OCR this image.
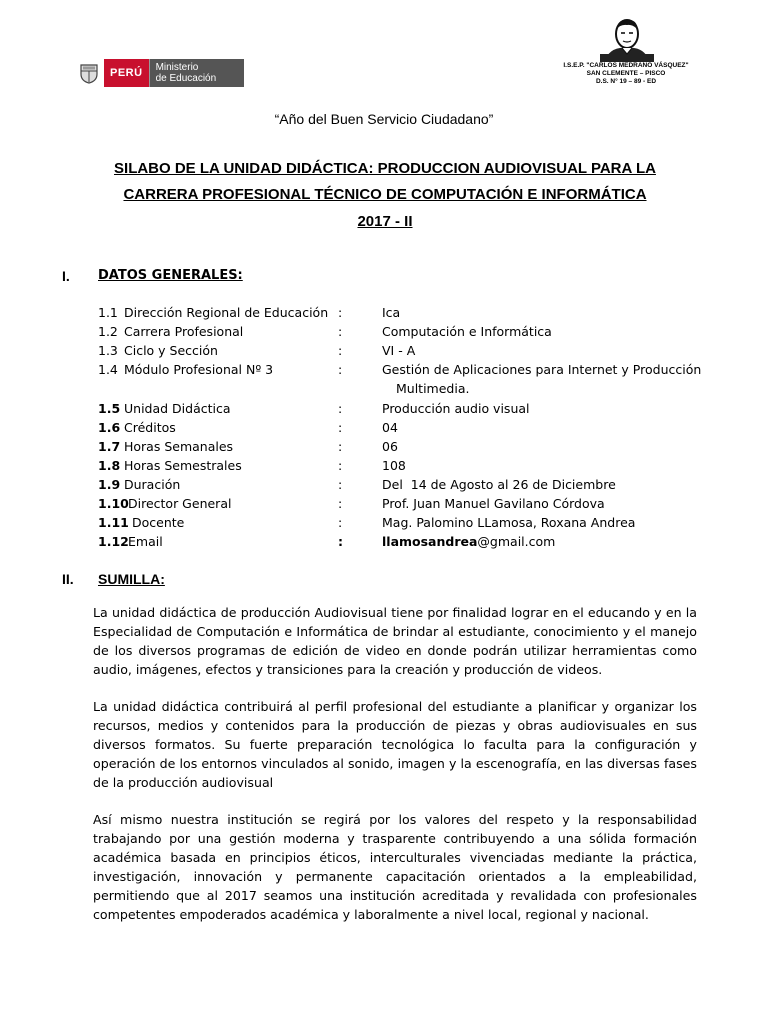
PERÚ	Ministerio
de Educación
I.S.E.P. "CARLOS MEDRANO VÁSQUEZ"
SAN CLEMENTE – PISCO
D.S. N° 19 – 89 - ED
“Año del Buen Servicio Ciudadano”
SILABO DE LA UNIDAD DIDÁCTICA: PRODUCCION AUDIOVISUAL PARA LA
CARRERA PROFESIONAL TÉCNICO DE COMPUTACIÓN E INFORMÁTICA
2017 - II
I. DATOS GENERALES:
1.1 Dirección Regional de Educación :	Ica
1.2 Carrera Profesional	:	Computación e Informática
1.3 Ciclo y Sección	:	VI - A
1.4 Módulo Profesional Nº 3	:	Gestión de Aplicaciones para Internet y Producción
Multimedia.
1.5 Unidad Didáctica	:	Producción audio visual
1.6 Créditos	:	04
1.7 Horas Semanales	:	06
1.8 Horas Semestrales	:	108
1.9 Duración	:	Del  14 de Agosto al 26 de Diciembre
1.10 Director General	:	Prof. Juan Manuel Gavilano Córdova
1.11 Docente	:	Mag. Palomino LLamosa, Roxana Andrea
1.12 Email	:	llamosandrea@gmail.com
II. SUMILLA:
La unidad didáctica de producción Audiovisual tiene por finalidad lograr en el educando y en la Especialidad de Computación e Informática de brindar al estudiante, conocimiento y el manejo de los diversos programas de edición de video en donde podrán utilizar herramientas como audio, imágenes, efectos y transiciones para la creación y producción de videos.
La unidad didáctica contribuirá al perfil profesional del estudiante a planificar y organizar los recursos, medios y contenidos para la producción de piezas y obras audiovisuales en sus diversos formatos. Su fuerte preparación tecnológica lo faculta para la configuración y operación de los entornos vinculados al sonido, imagen y la escenografía, en las diversas fases de la producción audiovisual
Así mismo nuestra institución se regirá por los valores del respeto y la responsabilidad trabajando por una gestión moderna y trasparente contribuyendo a una sólida formación académica basada en principios éticos, interculturales vivenciadas mediante la práctica, investigación, innovación y permanente capacitación orientados a la empleabilidad, permitiendo que al 2017 seamos una institución acreditada y revalidada con profesionales competentes empoderados académica y laboralmente a nivel local, regional y nacional.
